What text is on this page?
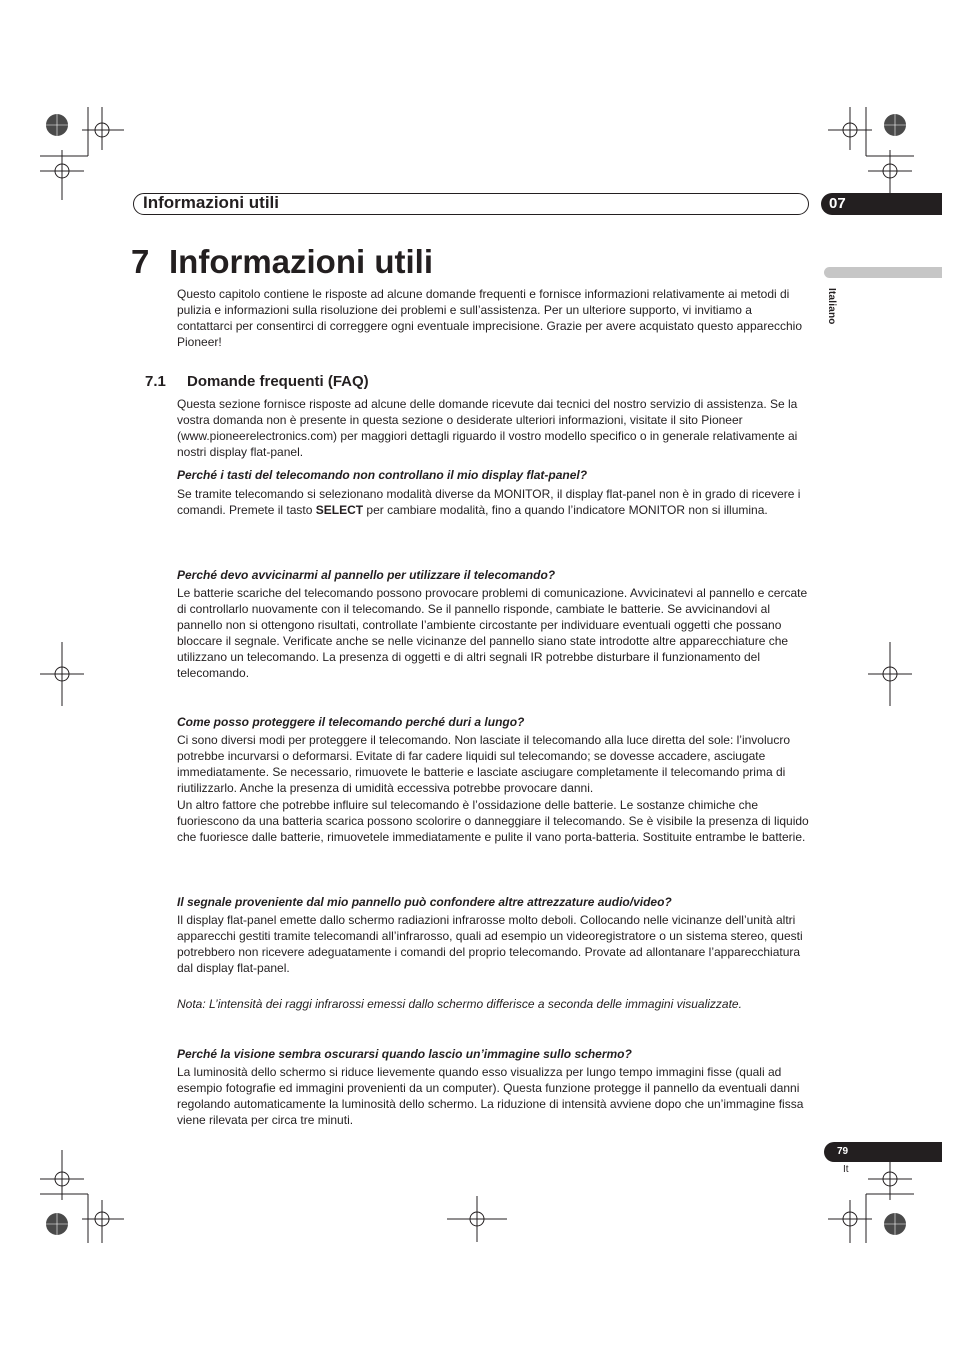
Informazioni utili	07
Italiano
7 Informazioni utili

Questo capitolo contiene le risposte ad alcune domande frequenti e fornisce informazioni relativamente ai metodi di pulizia e informazioni sulla risoluzione dei problemi e sull’assistenza. Per un ulteriore supporto, vi invitiamo a contattarci per consentirci di correggere ogni eventuale imprecisione. Grazie per avere acquistato questo apparecchio Pioneer!

7.1 Domande frequenti (FAQ)

Questa sezione fornisce risposte ad alcune delle domande ricevute dai tecnici del nostro servizio di assistenza. Se la vostra domanda non è presente in questa sezione o desiderate ulteriori informazioni, visitate il sito Pioneer (www.pioneerelectronics.com) per maggiori dettagli riguardo il vostro modello specifico o in generale relativamente ai nostri display flat-panel.

Perché i tasti del telecomando non controllano il mio display flat-panel?

Se tramite telecomando si selezionano modalità diverse da MONITOR, il display flat-panel non è in grado di ricevere i comandi. Premete il tasto SELECT per cambiare modalità, fino a quando l’indicatore MONITOR non si illumina.

Perché devo avvicinarmi al pannello per utilizzare il telecomando?

Le batterie scariche del telecomando possono provocare problemi di comunicazione. Avvicinatevi al pannello e cercate di controllarlo nuovamente con il telecomando. Se il pannello risponde, cambiate le batterie. Se avvicinandovi al pannello non si ottengono risultati, controllate l’ambiente circostante per individuare eventuali oggetti che possano bloccare il segnale. Verificate anche se nelle vicinanze del pannello siano state introdotte altre apparecchiature che utilizzano un telecomando. La presenza di oggetti e di altri segnali IR potrebbe disturbare il funzionamento del telecomando.

Come posso proteggere il telecomando perché duri a lungo?

Ci sono diversi modi per proteggere il telecomando. Non lasciate il telecomando alla luce diretta del sole: l’involucro potrebbe incurvarsi o deformarsi. Evitate di far cadere liquidi sul telecomando; se dovesse accadere, asciugate immediatamente. Se necessario, rimuovete le batterie e lasciate asciugare completamente il telecomando prima di riutilizzarlo. Anche la presenza di umidità eccessiva potrebbe provocare danni.

Un altro fattore che potrebbe influire sul telecomando è l’ossidazione delle batterie. Le sostanze chimiche che fuoriescono da una batteria scarica possono scolorire o danneggiare il telecomando. Se è visibile la presenza di liquido che fuoriesce dalle batterie, rimuovetele immediatamente e pulite il vano porta-batteria. Sostituite entrambe le batterie.

Il segnale proveniente dal mio pannello può confondere altre attrezzature audio/video?

Il display flat-panel emette dallo schermo radiazioni infrarosse molto deboli. Collocando nelle vicinanze dell’unità altri apparecchi gestiti tramite telecomandi all’infrarosso, quali ad esempio un videoregistratore o un sistema stereo, questi potrebbero non ricevere adeguatamente i comandi del proprio telecomando. Provate ad allontanare l’apparecchiatura dal display flat-panel.

Nota: L’intensità dei raggi infrarossi emessi dallo schermo differisce a seconda delle immagini visualizzate.

Perché la visione sembra oscurarsi quando lascio un’immagine sullo schermo?

La luminosità dello schermo si riduce lievemente quando esso visualizza per lungo tempo immagini fisse (quali ad esempio fotografie ed immagini provenienti da un computer). Questa funzione protegge il pannello da eventuali danni regolando automaticamente la luminosità dello schermo. La riduzione di intensità avviene dopo che un’immagine fissa viene rilevata per circa tre minuti.

79
It
